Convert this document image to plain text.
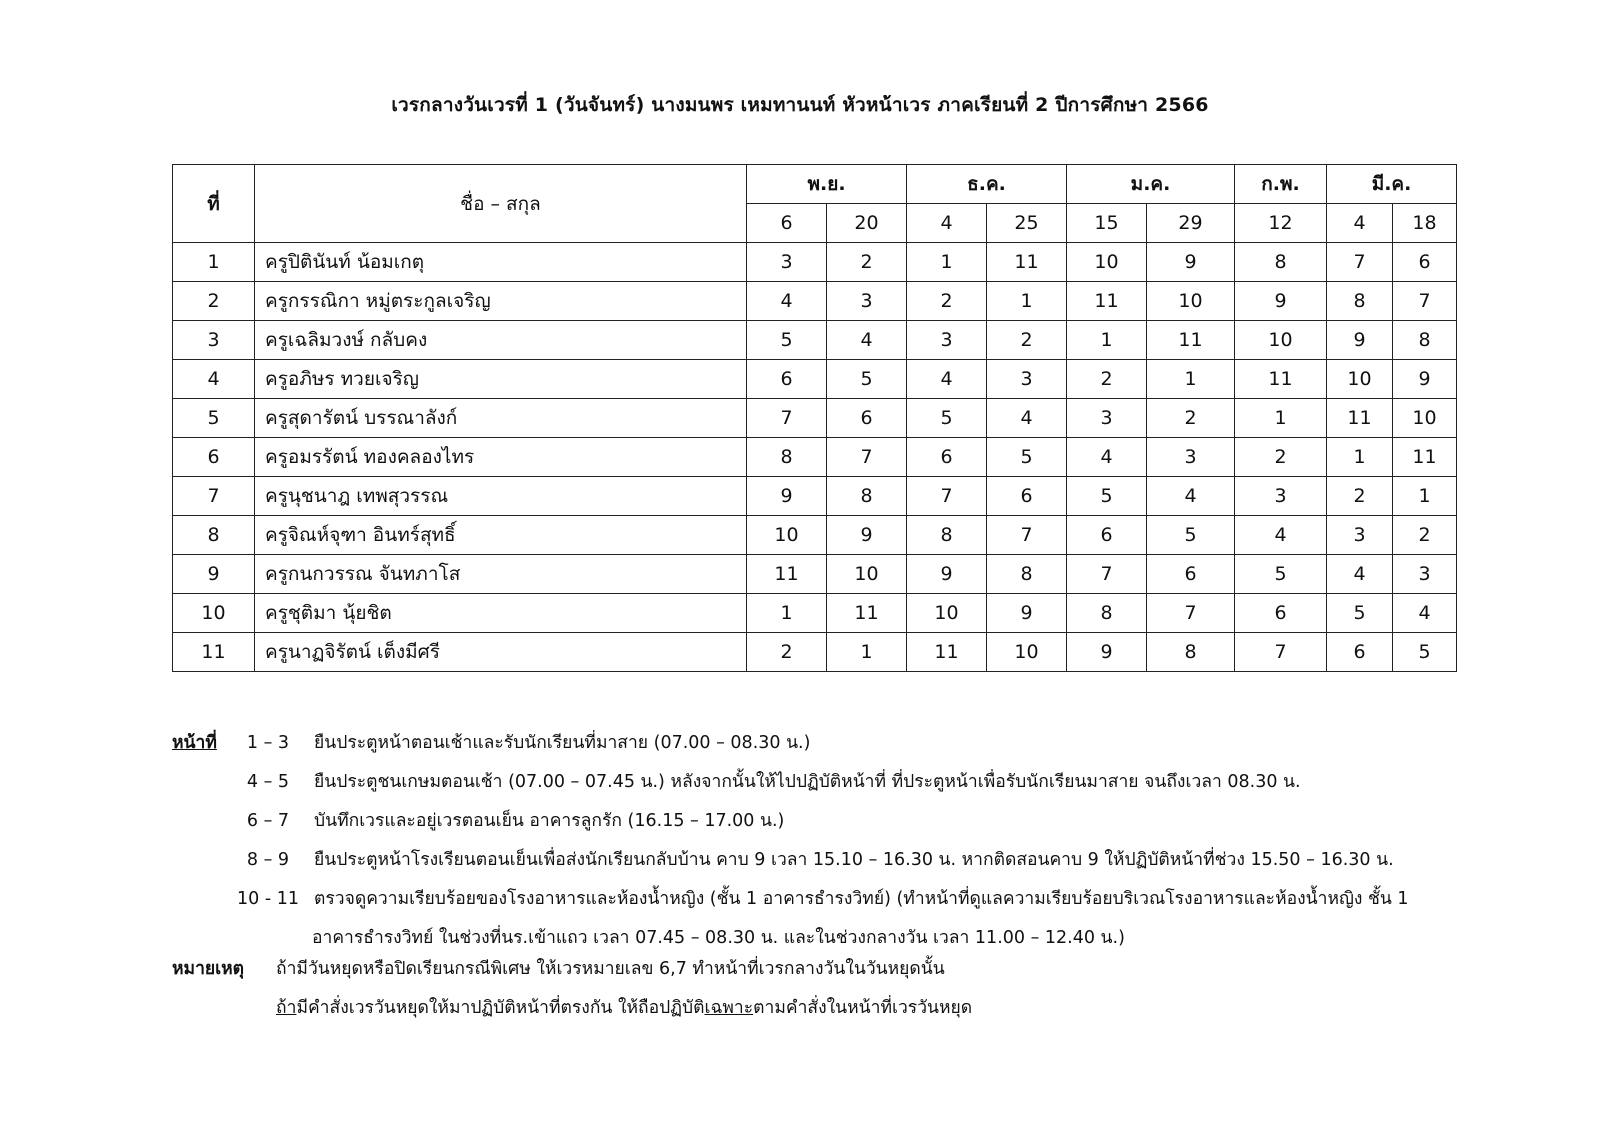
เวรกลางวันเวรที่ 1 (วันจันทร์) นางมนพร เหมทานนท์ หัวหน้าเวร ภาคเรียนที่ 2 ปีการศึกษา 2566
ที่	ชื่อ – สกุล	พ.ย.		ธ.ค.		ม.ค.		ก.พ.	มี.ค.	
		6	20	4	25	15	29	12	4	18
1	ครูปิตินันท์ น้อมเกตุ	3	2	1	11	10	9	8	7	6
2	ครูกรรณิกา หมู่ตระกูลเจริญ	4	3	2	1	11	10	9	8	7
3	ครูเฉลิมวงษ์ กลับคง	5	4	3	2	1	11	10	9	8
4	ครูอภิษร ทวยเจริญ	6	5	4	3	2	1	11	10	9
5	ครูสุดารัตน์ บรรณาลังก์	7	6	5	4	3	2	1	11	10
6	ครูอมรรัตน์ ทองคลองไทร	8	7	6	5	4	3	2	1	11
7	ครูนุชนาฎ เทพสุวรรณ	9	8	7	6	5	4	3	2	1
8	ครูจิณห์จุฑา อินทร์สุทธิ์	10	9	8	7	6	5	4	3	2
9	ครูกนกวรรณ จันทภาโส	11	10	9	8	7	6	5	4	3
10	ครูชุติมา นุ้ยชิต	1	11	10	9	8	7	6	5	4
11	ครูนาฏจิรัตน์ เต็งมีศรี	2	1	11	10	9	8	7	6	5
หน้าที่	1 – 3	ยืนประตูหน้าตอนเช้าและรับนักเรียนที่มาสาย (07.00 – 08.30 น.)
4 – 5	ยืนประตูชนเกษมตอนเช้า (07.00 – 07.45 น.) หลังจากนั้นให้ไปปฏิบัติหน้าที่ ที่ประตูหน้าเพื่อรับนักเรียนมาสาย จนถึงเวลา 08.30 น.
6 – 7	บันทึกเวรและอยู่เวรตอนเย็น อาคารลูกรัก (16.15 – 17.00 น.)
8 – 9	ยืนประตูหน้าโรงเรียนตอนเย็นเพื่อส่งนักเรียนกลับบ้าน คาบ 9 เวลา 15.10 – 16.30 น. หากติดสอนคาบ 9 ให้ปฏิบัติหน้าที่ช่วง 15.50 – 16.30 น.
10 - 11 ตรวจดูความเรียบร้อยของโรงอาหารและห้องน้ำหญิง (ชั้น 1 อาคารธำรงวิทย์) (ทำหน้าที่ดูแลความเรียบร้อยบริเวณโรงอาหารและห้องน้ำหญิง ชั้น 1
อาคารธำรงวิทย์ ในช่วงที่นร.เข้าแถว เวลา 07.45 – 08.30 น. และในช่วงกลางวัน เวลา 11.00 – 12.40 น.)
หมายเหตุ ถ้ามีวันหยุดหรือปิดเรียนกรณีพิเศษ ให้เวรหมายเลข 6,7 ทำหน้าที่เวรกลางวันในวันหยุดนั้น
ถ้ามีคำสั่งเวรวันหยุดให้มาปฏิบัติหน้าที่ตรงกัน ให้ถือปฏิบัติเฉพาะตามคำสั่งในหน้าที่เวรวันหยุด
